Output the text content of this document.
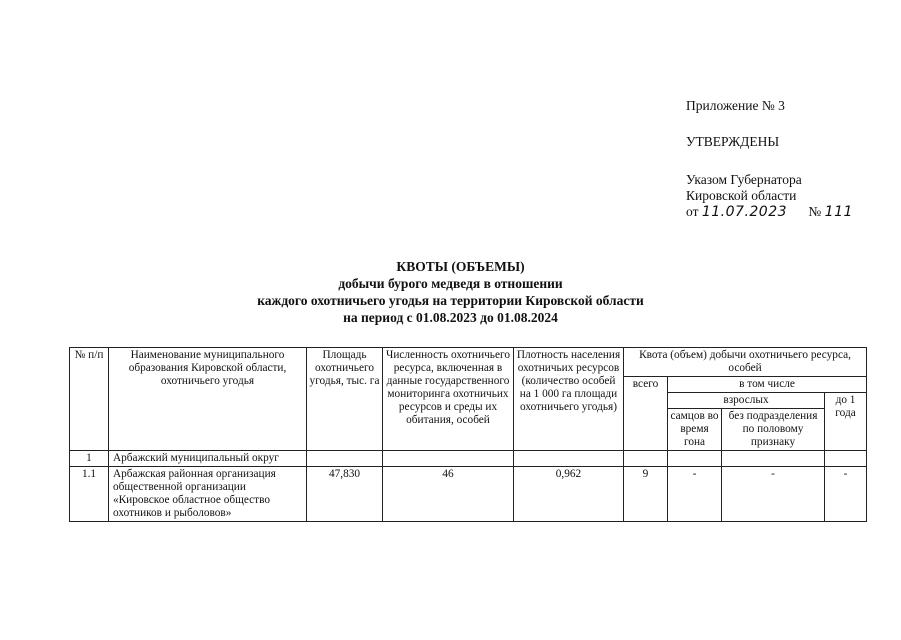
Приложение № 3
УТВЕРЖДЕНЫ
Указом Губернатора
Кировской области
от 11.07.2023 № 111
КВОТЫ (ОБЪЕМЫ)
добычи бурого медведя в отношении
каждого охотничьего угодья на территории Кировской области
на период с 01.08.2023 до 01.08.2024
№ п/п	Наименование муниципального образования Кировской области, охотничьего угодья	Площадь охотничьего угодья, тыс. га	Численность охотничьего ресурса, включенная в данные государственного мониторинга охотничьих ресурсов и среды их обитания, особей	Плотность населения охотничьих ресурсов (количество особей на 1 000 га площади охотничьего угодья)	Квота (объем) добычи охотничьего ресурса, особей			
					всего	в том числе		
						взрослых		до 1 года
						самцов во время гона	без подразделения по половому признаку	
1	Арбажский муниципальный округ							
1.1	Арбажская районная организация общественной организации «Кировское областное общество охотников и рыболовов»	47,830	46	0,962	9	-	-	-
